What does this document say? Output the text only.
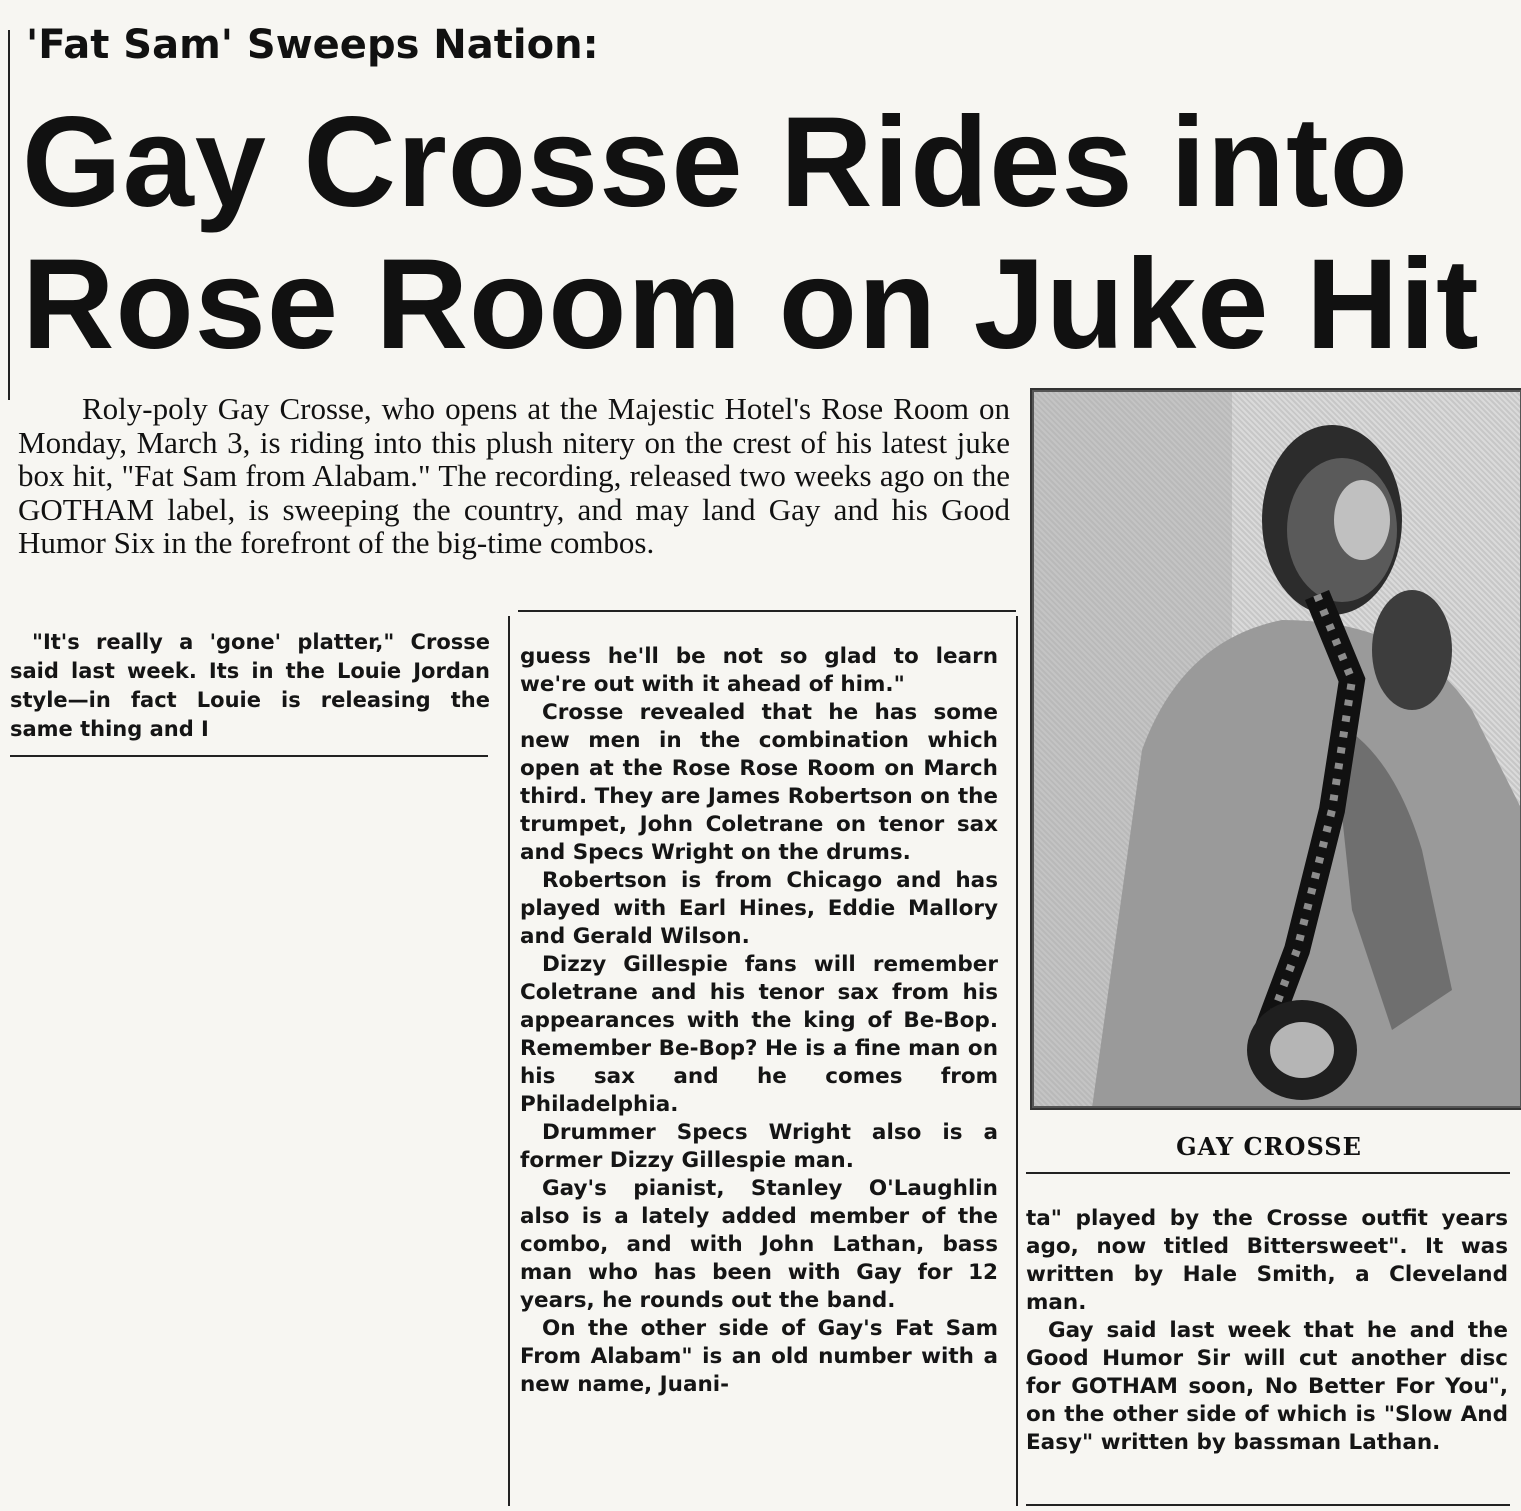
'Fat Sam' Sweeps Nation:
Gay Crosse Rides into
Rose Room on Juke Hit

Roly-poly Gay Crosse, who opens at the Majestic Hotel's Rose Room on Monday, March 3, is riding into this plush nitery on the crest of his latest juke box hit, "Fat Sam from Alabam." The recording, released two weeks ago on the GOTHAM label, is sweeping the country, and may land Gay and his Good Humor Six in the forefront of the big-time combos.

"It's really a 'gone' platter," Crosse said last week. Its in the Louie Jordan style—in fact Louie is releasing the same thing and I

guess he'll be not so glad to learn we're out with it ahead of him."

Crosse revealed that he has some new men in the combination which open at the Rose Rose Room on March third. They are James Robertson on the trumpet, John Coletrane on tenor sax and Specs Wright on the drums.

Robertson is from Chicago and has played with Earl Hines, Eddie Mallory and Gerald Wilson.

Dizzy Gillespie fans will remember Coletrane and his tenor sax from his appearances with the king of Be-Bop. Remember Be-Bop? He is a fine man on his sax and he comes from Philadelphia.

Drummer Specs Wright also is a former Dizzy Gillespie man.

Gay's pianist, Stanley O'Laughlin also is a lately added member of the combo, and with John Lathan, bass man who has been with Gay for 12 years, he rounds out the band.

On the other side of Gay's Fat Sam From Alabam" is an old number with a new name, Juani-

GAY CROSSE

ta" played by the Crosse outfit years ago, now titled Bittersweet". It was written by Hale Smith, a Cleveland man.

Gay said last week that he and the Good Humor Sir will cut another disc for GOTHAM soon, No Better For You", on the other side of which is "Slow And Easy" written by bassman Lathan.
